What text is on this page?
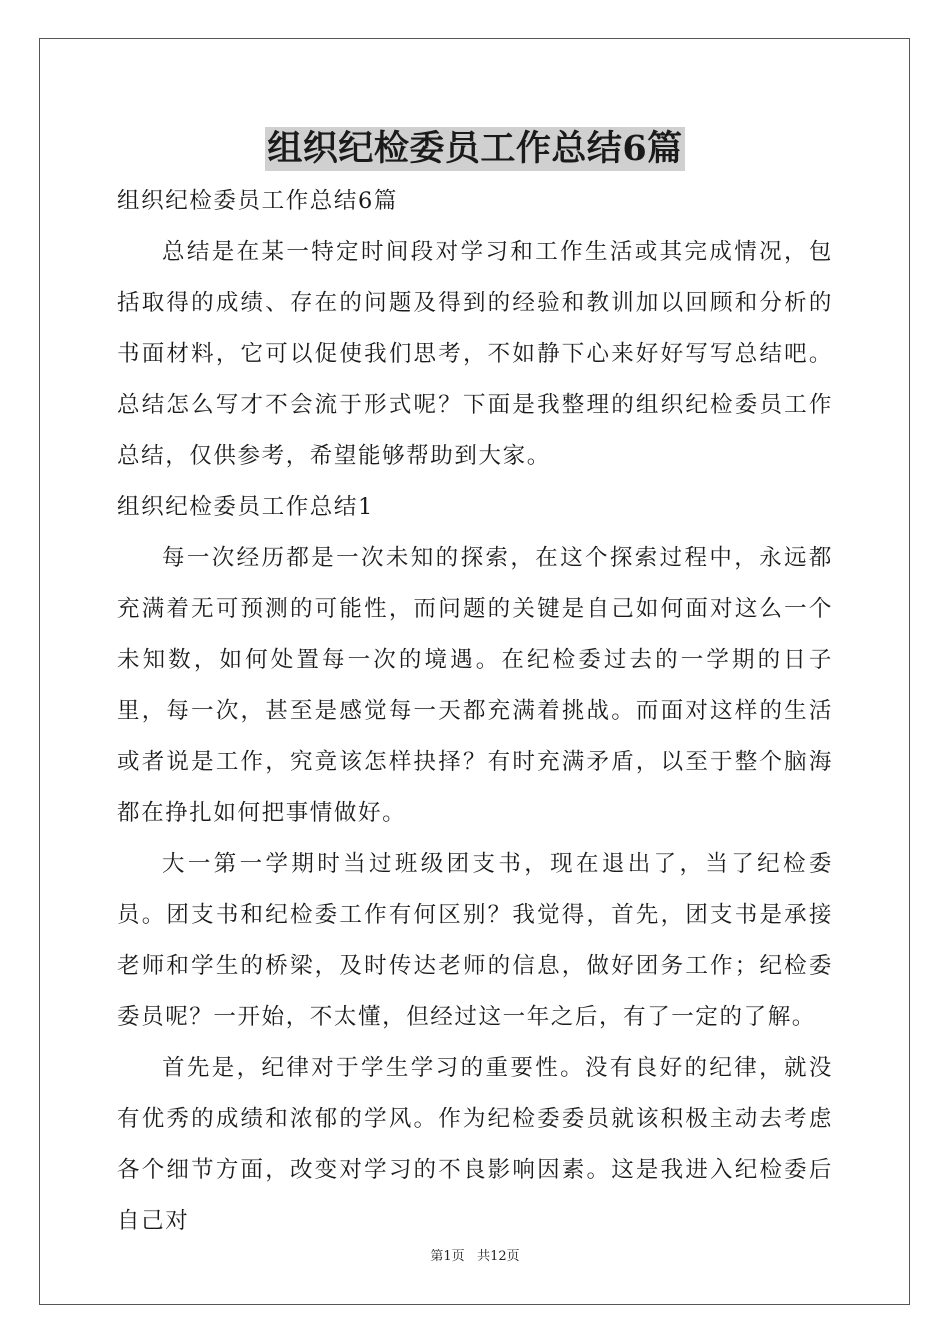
组织纪检委员工作总结6篇

组织纪检委员工作总结6篇

总结是在某一特定时间段对学习和工作生活或其完成情况，包括取得的成绩、存在的问题及得到的经验和教训加以回顾和分析的书面材料，它可以促使我们思考，不如静下心来好好写写总结吧。总结怎么写才不会流于形式呢？下面是我整理的组织纪检委员工作总结，仅供参考，希望能够帮助到大家。

组织纪检委员工作总结1

每一次经历都是一次未知的探索，在这个探索过程中，永远都充满着无可预测的可能性，而问题的关键是自己如何面对这么一个未知数，如何处置每一次的境遇。在纪检委过去的一学期的日子里，每一次，甚至是感觉每一天都充满着挑战。而面对这样的生活或者说是工作，究竟该怎样抉择？有时充满矛盾，以至于整个脑海都在挣扎如何把事情做好。

大一第一学期时当过班级团支书，现在退出了，当了纪检委员。团支书和纪检委工作有何区别？我觉得，首先，团支书是承接老师和学生的桥梁，及时传达老师的信息，做好团务工作；纪检委委员呢？一开始，不太懂，但经过这一年之后，有了一定的了解。

首先是，纪律对于学生学习的重要性。没有良好的纪律，就没有优秀的成绩和浓郁的学风。作为纪检委委员就该积极主动去考虑各个细节方面，改变对学习的不良影响因素。这是我进入纪检委后自己对

第1页 共12页
